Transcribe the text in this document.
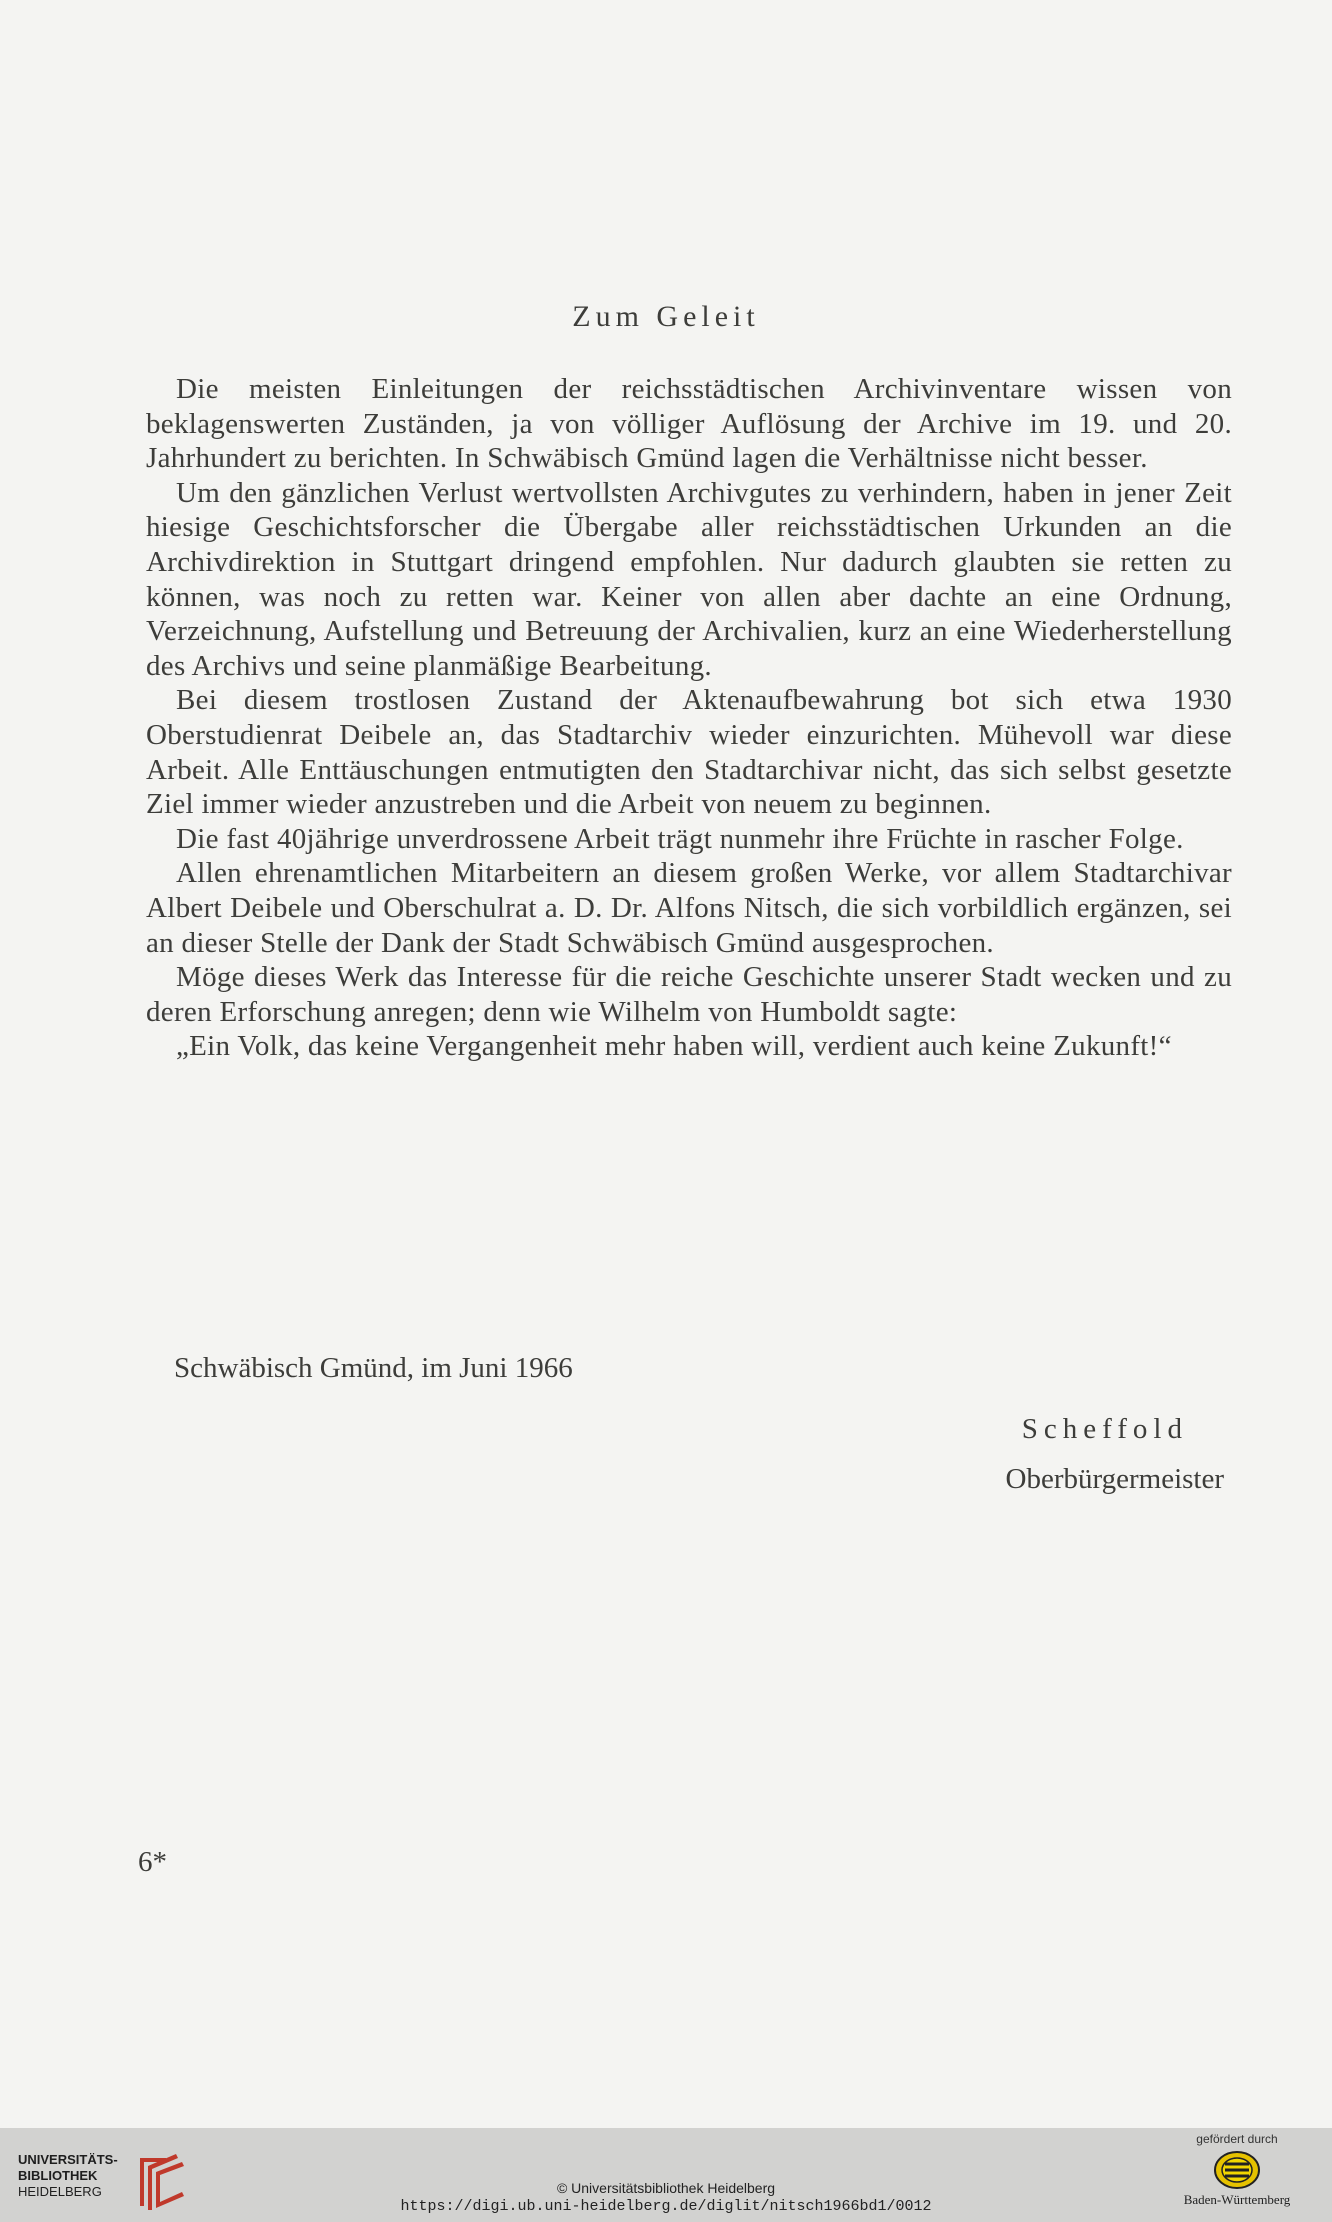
Zum Geleit

Die meisten Einleitungen der reichsstädtischen Archivinventare wissen von beklagenswerten Zuständen, ja von völliger Auflösung der Archive im 19. und 20. Jahrhundert zu berichten. In Schwäbisch Gmünd lagen die Verhältnisse nicht besser.

Um den gänzlichen Verlust wertvollsten Archivgutes zu verhindern, haben in jener Zeit hiesige Geschichtsforscher die Übergabe aller reichsstädtischen Urkunden an die Archivdirektion in Stuttgart dringend empfohlen. Nur dadurch glaubten sie retten zu können, was noch zu retten war. Keiner von allen aber dachte an eine Ordnung, Verzeichnung, Aufstellung und Betreuung der Archivalien, kurz an eine Wiederherstellung des Archivs und seine planmäßige Bearbeitung.

Bei diesem trostlosen Zustand der Aktenaufbewahrung bot sich etwa 1930 Oberstudienrat Deibele an, das Stadtarchiv wieder einzurichten. Mühevoll war diese Arbeit. Alle Enttäuschungen entmutigten den Stadtarchivar nicht, das sich selbst gesetzte Ziel immer wieder anzustreben und die Arbeit von neuem zu beginnen.

Die fast 40jährige unverdrossene Arbeit trägt nunmehr ihre Früchte in rascher Folge.

Allen ehrenamtlichen Mitarbeitern an diesem großen Werke, vor allem Stadtarchivar Albert Deibele und Oberschulrat a. D. Dr. Alfons Nitsch, die sich vorbildlich ergänzen, sei an dieser Stelle der Dank der Stadt Schwäbisch Gmünd ausgesprochen.

Möge dieses Werk das Interesse für die reiche Geschichte unserer Stadt wecken und zu deren Erforschung anregen; denn wie Wilhelm von Humboldt sagte:

„Ein Volk, das keine Vergangenheit mehr haben will, verdient auch keine Zukunft!“

Schwäbisch Gmünd, im Juni 1966
Scheffold
Oberbürgermeister
6*
UNIVERSITÄTS-
BIBLIOTHEK
HEIDELBERG	© Universitätsbibliothek Heidelberg
https://digi.ub.uni-heidelberg.de/diglit/nitsch1966bd1/0012
gefördert durch
Baden-Württemberg
